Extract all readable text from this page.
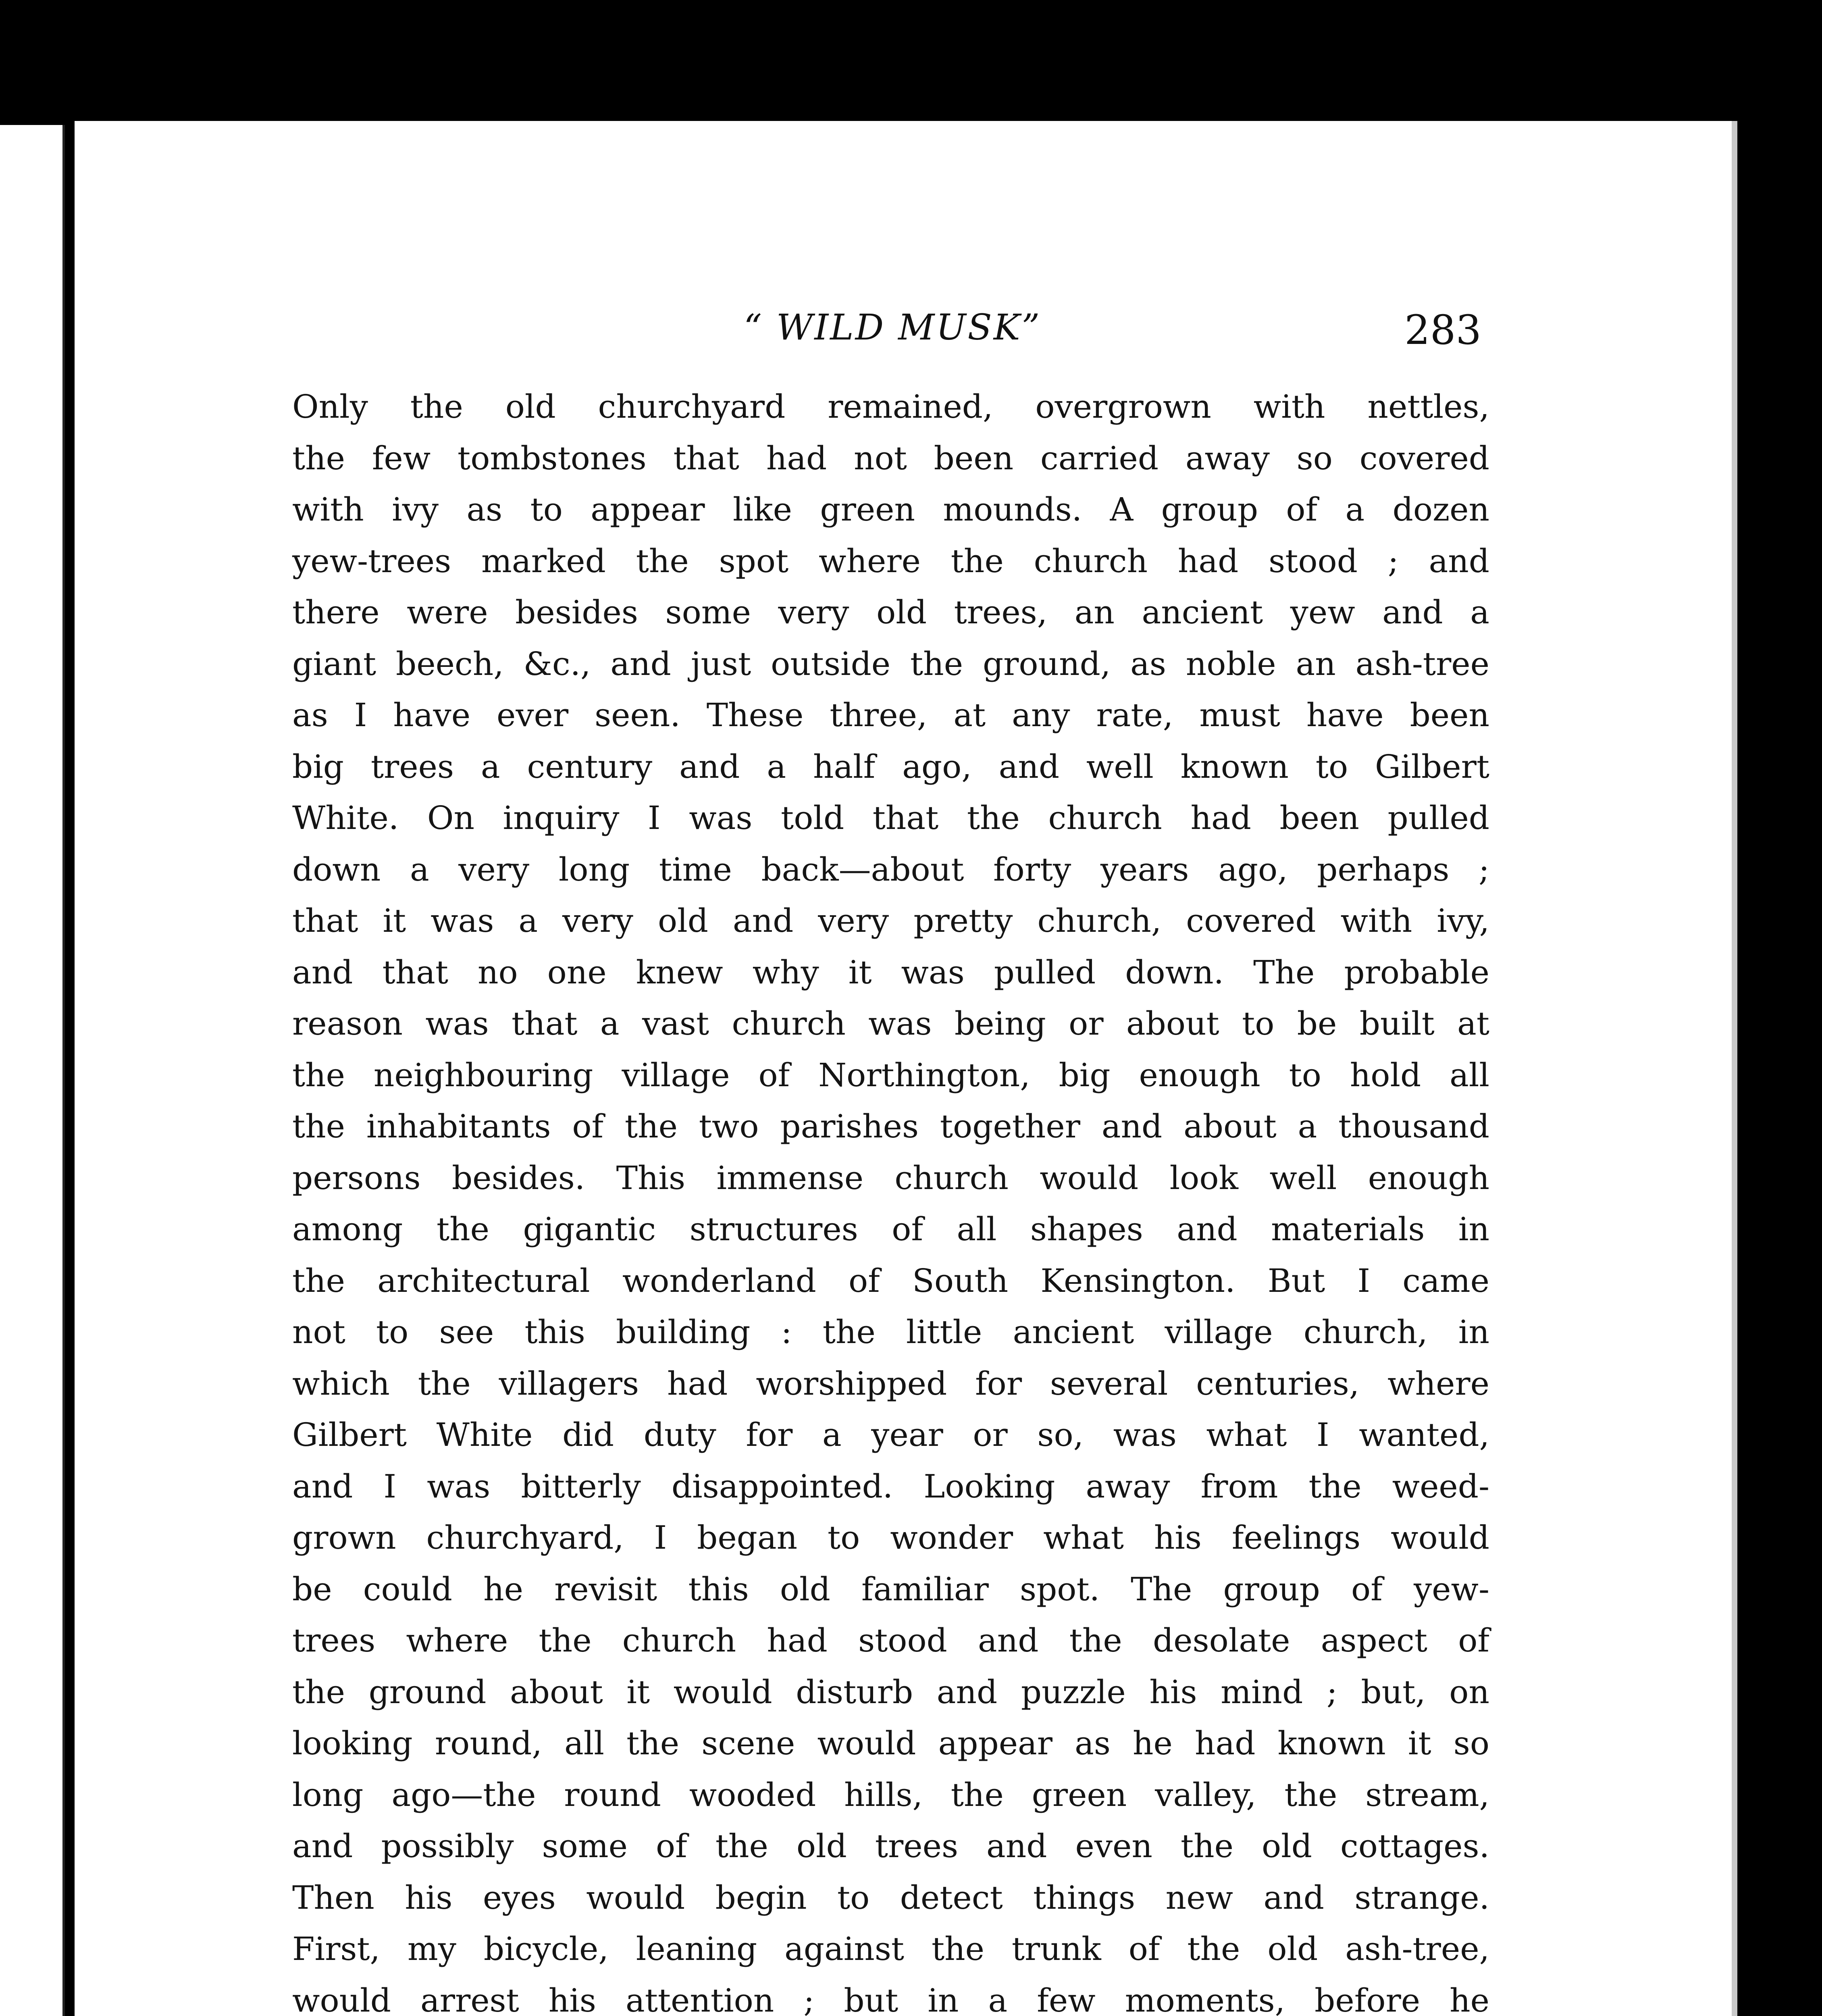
“ WILD MUSK”	283
Only the old churchyard remained, overgrown with nettles,
the few tombstones that had not been carried away so covered
with ivy as to appear like green mounds. A group of a dozen
yew-trees marked the spot where the church had stood ; and
there were besides some very old trees, an ancient yew and a
giant beech, &c., and just outside the ground, as noble an ash-tree
as I have ever seen. These three, at any rate, must have been
big trees a century and a half ago, and well known to Gilbert
White. On inquiry I was told that the church had been pulled
down a very long time back—about forty years ago, perhaps ;
that it was a very old and very pretty church, covered with ivy,
and that no one knew why it was pulled down. The probable
reason was that a vast church was being or about to be built at
the neighbouring village of Northington, big enough to hold all
the inhabitants of the two parishes together and about a thousand
persons besides. This immense church would look well enough
among the gigantic structures of all shapes and materials in
the architectural wonderland of South Kensington. But I came
not to see this building : the little ancient village church, in
which the villagers had worshipped for several centuries, where
Gilbert White did duty for a year or so, was what I wanted,
and I was bitterly disappointed. Looking away from the weed-
grown churchyard, I began to wonder what his feelings would
be could he revisit this old familiar spot. The group of yew-
trees where the church had stood and the desolate aspect of
the ground about it would disturb and puzzle his mind ; but, on
looking round, all the scene would appear as he had known it so
long ago—the round wooded hills, the green valley, the stream,
and possibly some of the old trees and even the old cottages.
Then his eyes would begin to detect things new and strange.
First, my bicycle, leaning against the trunk of the old ash-tree,
would arrest his attention ; but in a few moments, before he
